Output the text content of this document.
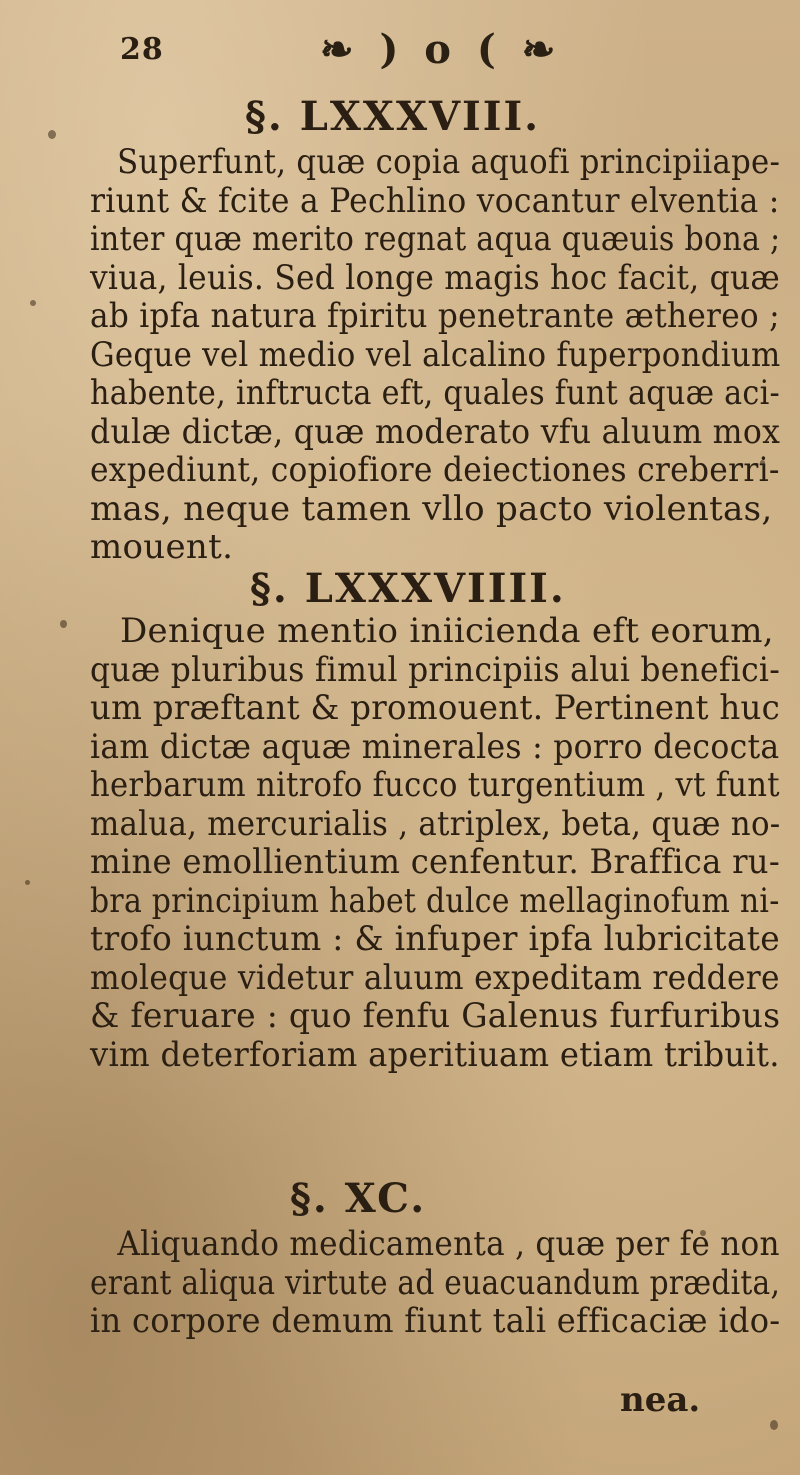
28	❧ ) o ( ❧
§. LXXXVIII.
Superfunt, quæ copia aquofi principiiape-
riunt & fcite a Pechlino vocantur elventia :
inter quæ merito regnat aqua quæuis bona ;
viua, leuis. Sed longe magis hoc facit, quæ
ab ipfa natura fpiritu penetrante æthereo ;
Geque vel medio vel alcalino fuperpondium
habente, inftructa eft, quales funt aquæ aci-
dulæ dictæ, quæ moderato vfu aluum mox
expediunt, copiofiore deiectiones creberri-
mas, neque tamen vllo pacto violentas,
mouent.
§. LXXXVIIII.
Denique mentio iniicienda eft eorum,
quæ pluribus fimul principiis alui benefici-
um præftant & promouent. Pertinent huc
iam dictæ aquæ minerales : porro decocta
herbarum nitrofo fucco turgentium , vt funt
malua, mercurialis , atriplex, beta, quæ no-
mine emollientium cenfentur. Braffica ru-
bra principium habet dulce mellaginofum ni-
trofo iunctum : & infuper ipfa lubricitate
moleque videtur aluum expeditam reddere
& feruare : quo fenfu Galenus furfuribus
vim deterforiam aperitiuam etiam tribuit.
§. XC.
Aliquando medicamenta , quæ per fe non
erant aliqua virtute ad euacuandum prædita,
in corpore demum fiunt tali efficaciæ ido-
nea.
